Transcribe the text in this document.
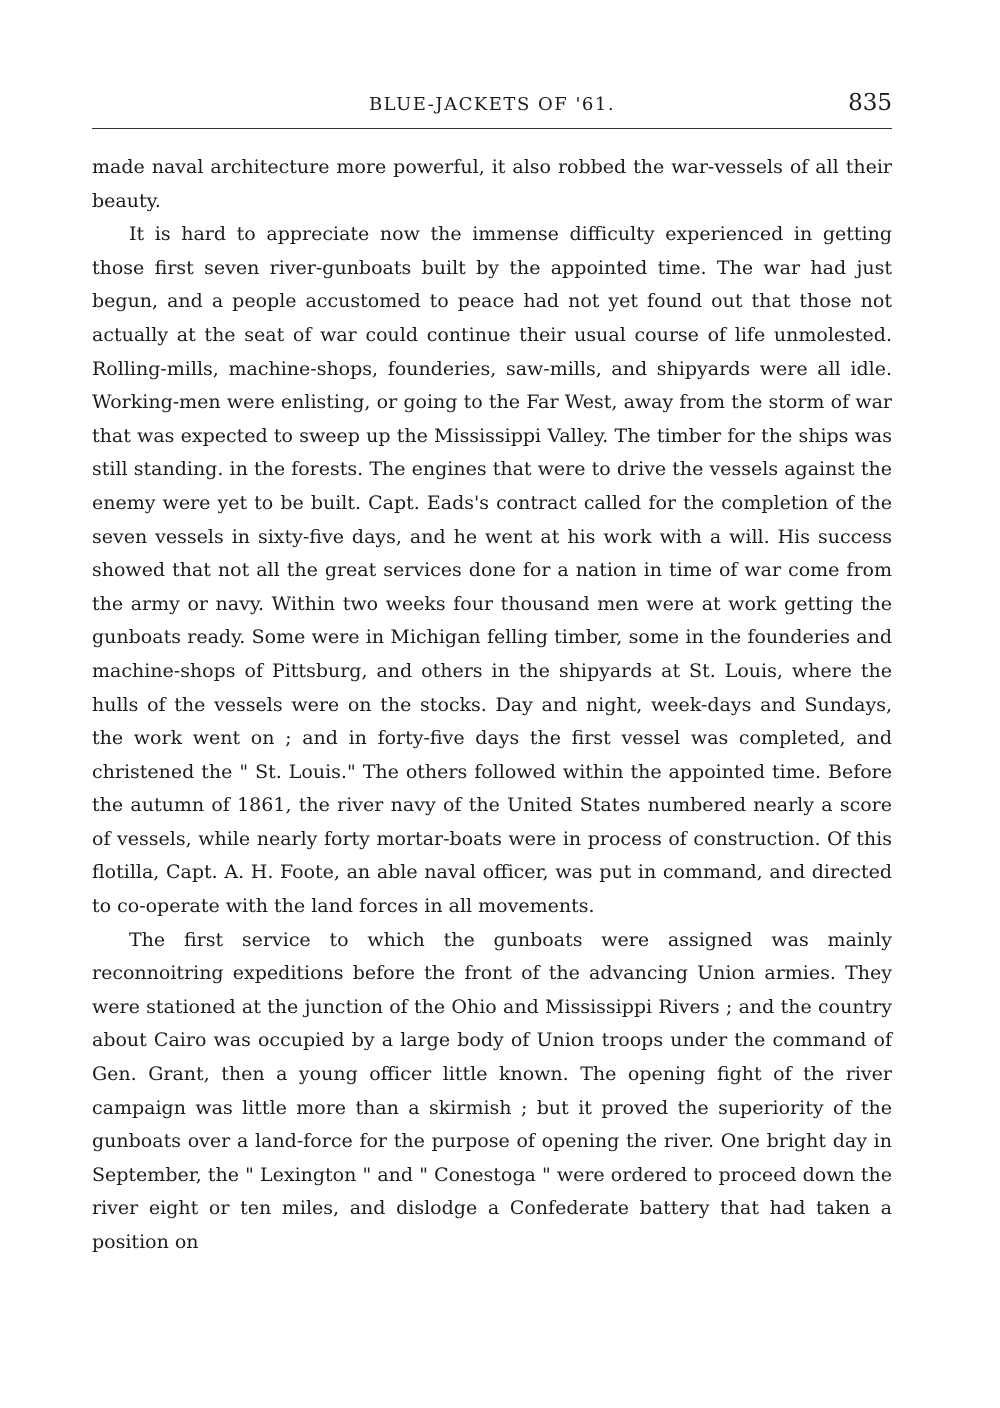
BLUE-JACKETS OF '61.	835

made naval architecture more powerful, it also robbed the war-vessels of all their beauty.

It is hard to appreciate now the immense difficulty experienced in getting those first seven river-gunboats built by the appointed time. The war had just begun, and a people accustomed to peace had not yet found out that those not actually at the seat of war could continue their usual course of life unmolested. Rolling-mills, machine-shops, founderies, saw-mills, and shipyards were all idle. Working-men were enlisting, or going to the Far West, away from the storm of war that was expected to sweep up the Mississippi Valley. The timber for the ships was still standing. in the forests. The engines that were to drive the vessels against the enemy were yet to be built. Capt. Eads's contract called for the completion of the seven vessels in sixty-five days, and he went at his work with a will. His success showed that not all the great services done for a nation in time of war come from the army or navy. Within two weeks four thousand men were at work getting the gunboats ready. Some were in Michigan felling timber, some in the founderies and machine-shops of Pittsburg, and others in the shipyards at St. Louis, where the hulls of the vessels were on the stocks. Day and night, week-days and Sundays, the work went on ; and in forty-five days the first vessel was completed, and christened the " St. Louis." The others followed within the appointed time. Before the autumn of 1861, the river navy of the United States numbered nearly a score of vessels, while nearly forty mortar-boats were in process of construction. Of this flotilla, Capt. A. H. Foote, an able naval officer, was put in command, and directed to co-operate with the land forces in all movements.

The first service to which the gunboats were assigned was mainly reconnoitring expeditions before the front of the advancing Union armies. They were stationed at the junction of the Ohio and Mississippi Rivers ; and the country about Cairo was occupied by a large body of Union troops under the command of Gen. Grant, then a young officer little known. The opening fight of the river campaign was little more than a skirmish ; but it proved the superiority of the gunboats over a land-force for the purpose of opening the river. One bright day in September, the " Lexington " and " Conestoga " were ordered to proceed down the river eight or ten miles, and dislodge a Confederate battery that had taken a position on
